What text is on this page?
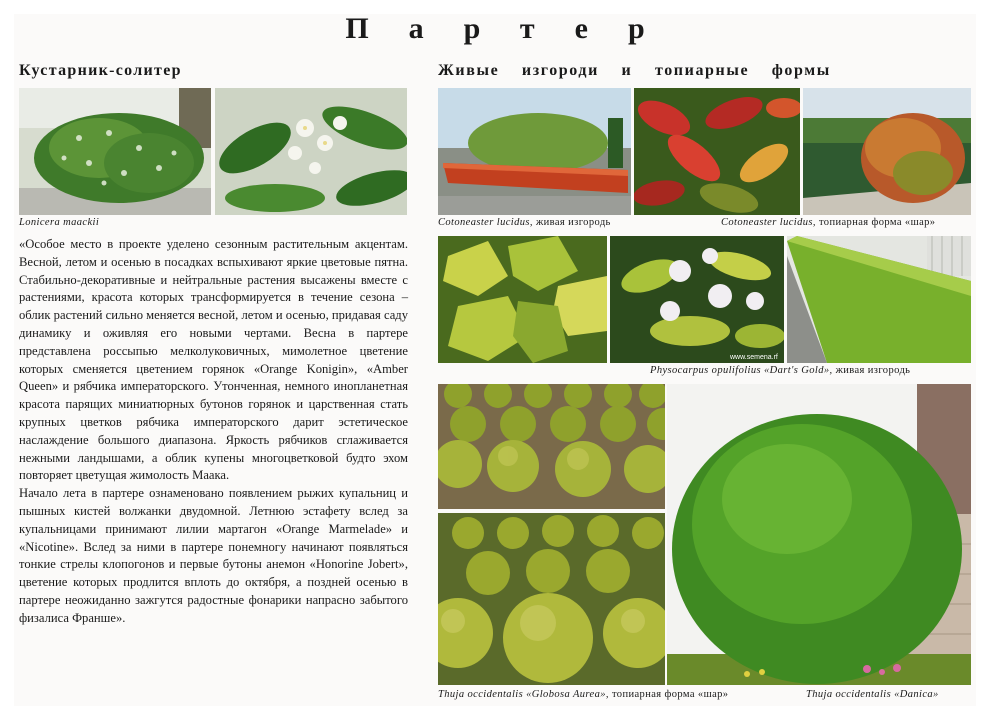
Партер
Кустарник-солитер	Живые изгороди и топиарные формы
Lonicera maackii

«Особое место в проекте уделено сезонным растительным акцентам. Весной, летом и осенью в посадках вспыхивают яркие цветовые пятна. Стабильно-декоративные и нейтральные растения высажены вместе с растениями, красота которых трансформируется в течение сезона – облик растений сильно меняется весной, летом и осенью, придавая саду динамику и оживляя его новыми чертами. Весна в партере представлена россыпью мелколуковичных, мимолетное цветение которых сменяется цветением горянок «Orange Konigin», «Amber Queen» и рябчика императорского. Утонченная, немного инопланетная красота парящих миниатюрных бутонов горянок и царственная стать крупных цветков рябчика императорского дарит эстетическое наслаждение большого диапазона. Яркость рябчиков сглаживается нежными ландышами, а облик купены многоцветковой будто эхом повторяет цветущая жимолость Маака.

Начало лета в партере ознаменовано появлением рыжих купальниц и пышных кистей волжанки двудомной. Летнюю эстафету вслед за купальницами принимают лилии мартагон «Orange Marmelade» и «Nicotine». Вслед за ними в партере понемногу начинают появляться тонкие стрелы клопогонов и первые бутоны анемон «Honorine Jobert», цветение которых продлится вплоть до октября, а поздней осенью в партере неожиданно зажгутся радостные фонарики напрасно забытого физалиса Франше».

Cotoneaster lucidus, живая изгородь	Cotoneaster lucidus, топиарная форма «шар»
www.semena.rf
Physocarpus opulifolius «Dart's Gold», живая изгородь
Thuja occidentalis «Globosa Aurea», топиарная форма «шар»	Thuja occidentalis «Danica»
